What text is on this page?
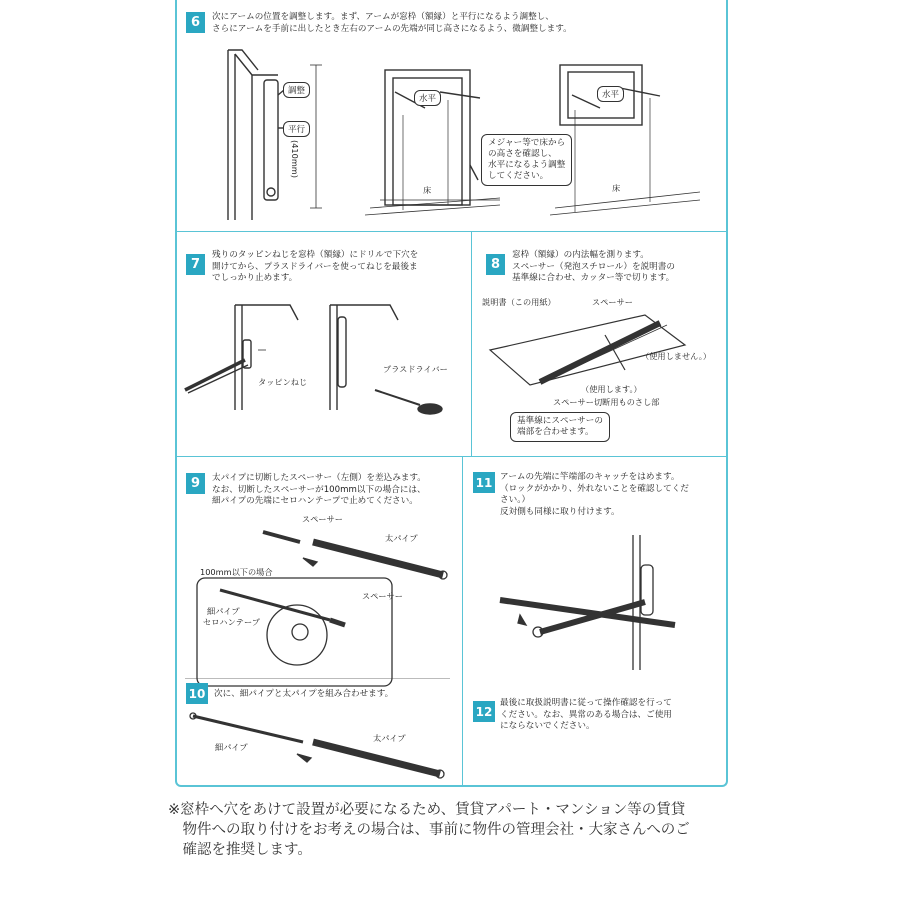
6	次にアームの位置を調整します。まず、アームが窓枠（額縁）と平行になるよう調整し、
さらにアームを手前に出したとき左右のアームの先端が同じ高さになるよう、微調整します。
調整
平行
(410mm)
水平	水平
床	床
メジャー等で床から
の高さを確認し、
水平になるよう調整
してください。
7
残りのタッピンねじを窓枠（額縁）にドリルで下穴を
開けてから、プラスドライバーを使ってねじを最後ま
でしっかり止めます。
タッピンねじ
プラスドライバー
8
窓枠（額縁）の内法幅を測ります。
スペーサー（発泡スチロール）を説明書の
基準線に合わせ、カッター等で切ります。
説明書（この用紙）	スペーサー
（使用しません。）
（使用します。）
スペーサー切断用ものさし部
基準線にスペーサーの
端部を合わせます。
9	太パイプに切断したスペーサー（左側）を差込みます。
なお、切断したスペーサーが100mm以下の場合には、
細パイプの先端にセロハンテープで止めてください。
スペーサー
太パイプ
100mm以下の場合
スペーサー
細パイプ
セロハンテープ
10	次に、細パイプと太パイプを組み合わせます。
細パイプ
太パイプ
11 アームの先端に竿端部のキャッチをはめます。
（ロックがかかり、外れないことを確認してくだ
さい。）
反対側も同様に取り付けます。
12
最後に取扱説明書に従って操作確認を行って
ください。なお、異常のある場合は、ご使用
にならないでください。
※窓枠へ穴をあけて設置が必要になるため、賃貸アパート・マンション等の賃貸
　物件への取り付けをお考えの場合は、事前に物件の管理会社・大家さんへのご
　確認を推奨します。
